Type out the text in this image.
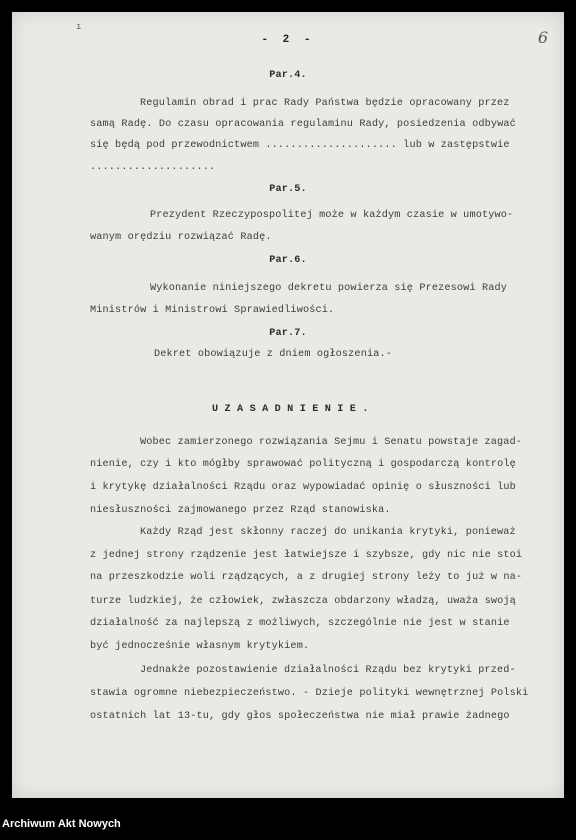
ı
- 2 -	6
Par.4.
Regulamin obrad i prac Rady Państwa będzie opracowany przez
samą Radę. Do czasu opracowania regulaminu Rady, posiedzenia odbywać
się będą pod przewodnictwem ..................... lub w zastępstwie
....................
Par.5.
Prezydent Rzeczypospolitej może w każdym czasie w umotywo-
wanym orędziu rozwiązać Radę.
Par.6.
Wykonanie niniejszego dekretu powierza się Prezesowi Rady
Ministrów i Ministrowi Sprawiedliwości.
Par.7.
Dekret obowiązuje z dniem ogłoszenia.-
U Z A S A D N I E N I E .
Wobec zamierzonego rozwiązania Sejmu i Senatu powstaje zagad-
nienie, czy i kto mógłby sprawować polityczną i gospodarczą kontrolę
i krytykę działalności Rządu oraz wypowiadać opinię o słuszności lub
niesłuszności zajmowanego przez Rząd stanowiska.
Każdy Rząd jest skłonny raczej do unikania krytyki, ponieważ
z jednej strony rządzenie jest łatwiejsze i szybsze, gdy nic nie stoi
na przeszkodzie woli rządzących, a z drugiej strony leży to już w na-
turze ludzkiej, że człowiek, zwłaszcza obdarzony władzą, uważa swoją
działalność za najlepszą z możliwych, szczególnie nie jest w stanie
być jednocześnie własnym krytykiem.
Jednakże pozostawienie działalności Rządu bez krytyki przed-
stawia ogromne niebezpieczeństwo. - Dzieje polityki wewnętrznej Polski
ostatnich lat 13-tu, gdy głos społeczeństwa nie miał prawie żadnego
Archiwum Akt Nowych
